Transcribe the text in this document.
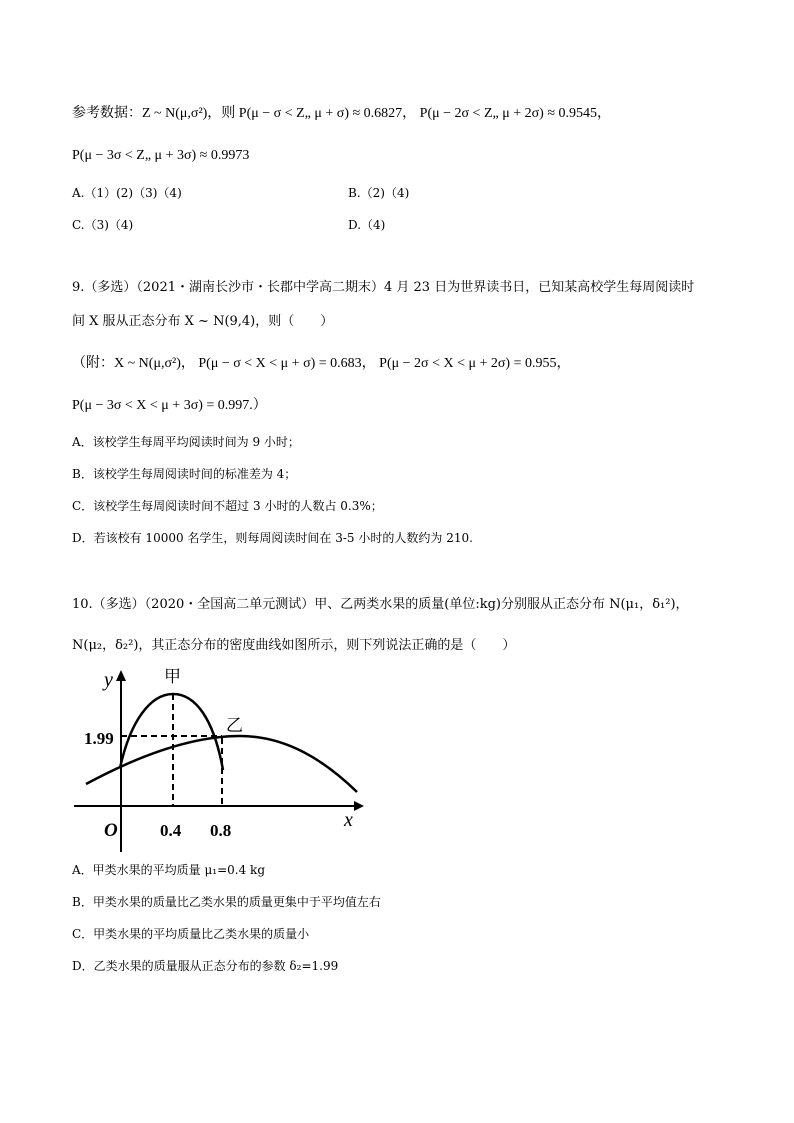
参考数据：Z ~ N(μ,σ²)，则 P(μ − σ < Z„ μ + σ) ≈ 0.6827， P(μ − 2σ < Z„ μ + 2σ) ≈ 0.9545，
P(μ − 3σ < Z„ μ + 3σ) ≈ 0.9973
A.（1）(2)（3)（4)	B.（2)（4)
C.（3)（4)	D.（4)
9.（多选）（2021・湖南长沙市・长郡中学高二期末）4 月 23 日为世界读书日，已知某高校学生每周阅读时
间 X 服从正态分布 X ~ N(9,4)，则（　　）
（附：X ~ N(μ,σ²)， P(μ − σ < X < μ + σ) = 0.683， P(μ − 2σ < X < μ + 2σ) = 0.955，
P(μ − 3σ < X < μ + 3σ) = 0.997.）
A．该校学生每周平均阅读时间为 9 小时；
B．该校学生每周阅读时间的标准差为 4；
C．该校学生每周阅读时间不超过 3 小时的人数占 0.3%；
D．若该校有 10000 名学生，则每周阅读时间在 3-5 小时的人数约为 210.
10.（多选）（2020・全国高二单元测试）甲、乙两类水果的质量(单位:kg)分别服从正态分布 N(μ₁，δ₁²)，
N(μ₂，δ₂²)，其正态分布的密度曲线如图所示，则下列说法正确的是（　　）
y
x
O
甲
乙
1.99
0.4 0.8
A．甲类水果的平均质量 μ₁=0.4 kg
B．甲类水果的质量比乙类水果的质量更集中于平均值左右
C．甲类水果的平均质量比乙类水果的质量小
D．乙类水果的质量服从正态分布的参数 δ₂=1.99
